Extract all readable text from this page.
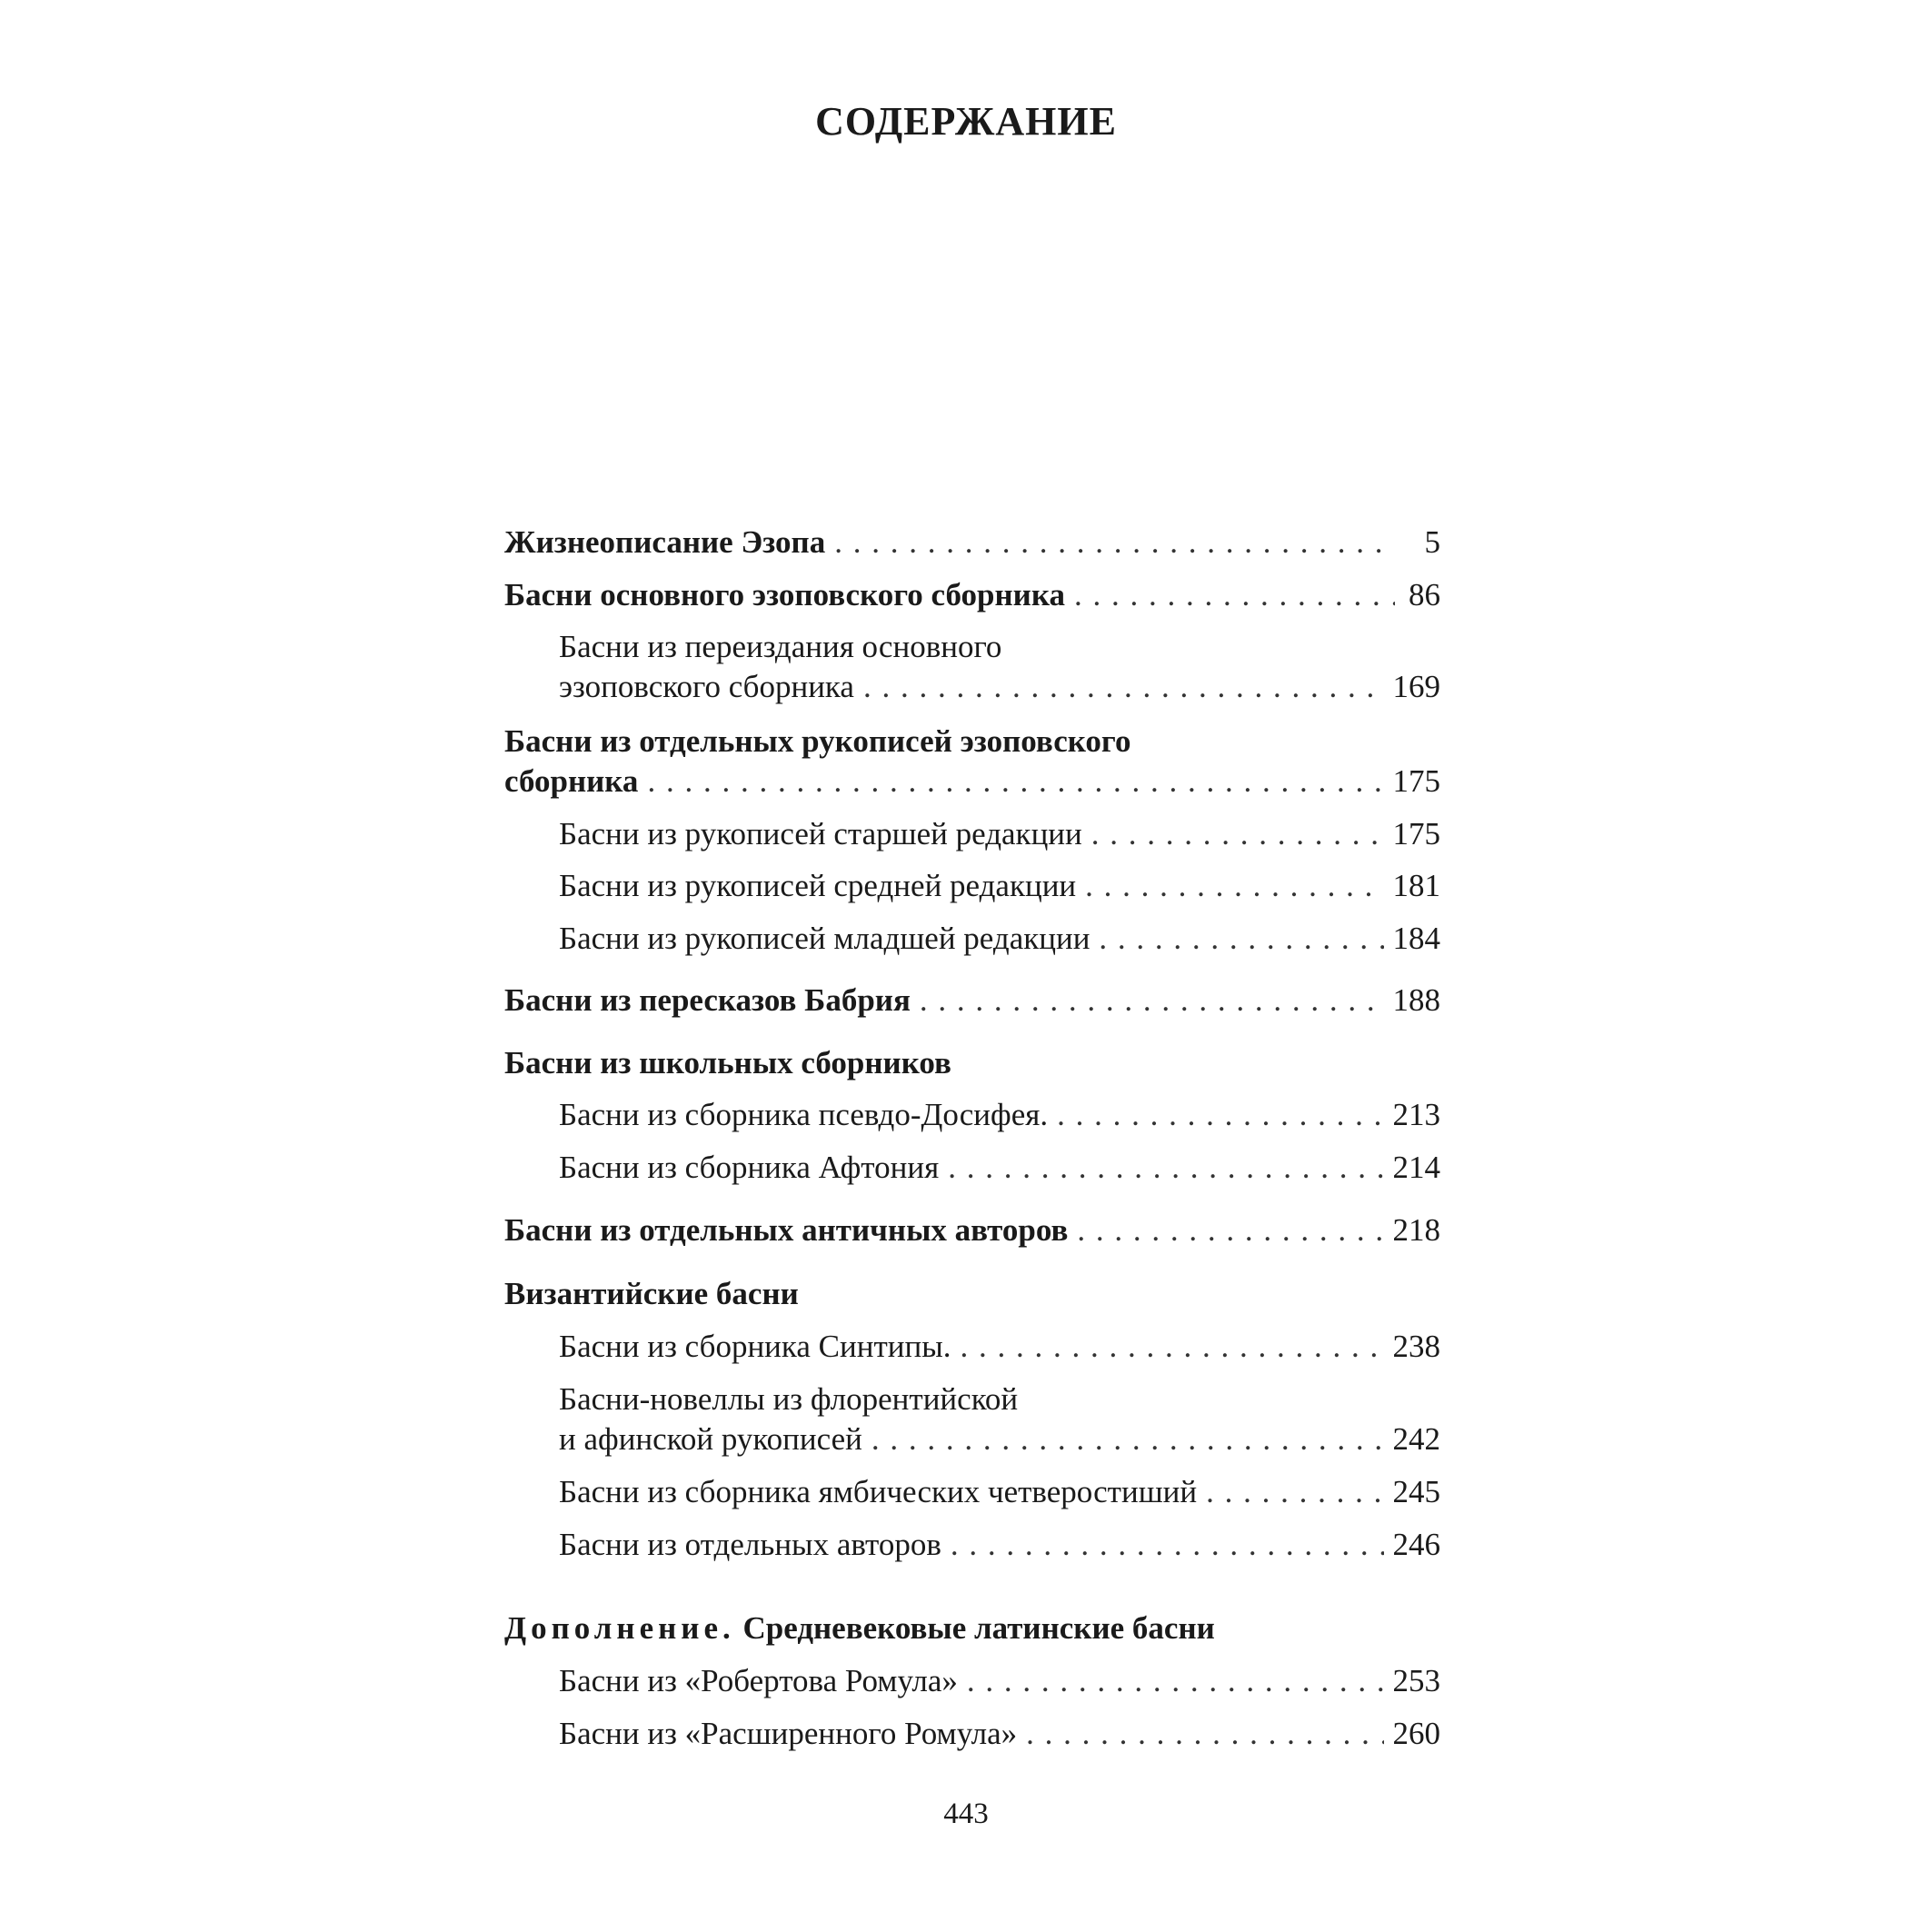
СОДЕРЖАНИЕ
Жизнеописание Эзопа . . .	5
Басни основного эзоповского сборника . . .	86
Басни из переиздания основного
эзоповского сборника . . .	169
Басни из отдельных рукописей эзоповского
сборника . . .	175
Басни из рукописей старшей редакции . . .	175
Басни из рукописей средней редакции . . .	181
Басни из рукописей младшей редакции . . .	184
Басни из пересказов Бабрия . . .	188
Басни из школьных сборников
Басни из сборника псевдо-Досифея. . . .	213
Басни из сборника Афтония . . .	214
Басни из отдельных античных авторов . . .	218
Византийские басни
Басни из сборника Синтипы. . . .	238
Басни-новеллы из флорентийской
и афинской рукописей . . .	242
Басни из сборника ямбических четверостиший . . .	245
Басни из отдельных авторов . . .	246
Дополнение. Средневековые латинские басни
Басни из «Робертова Ромула» . . .	253
Басни из «Расширенного Ромула» . . .	260
443
